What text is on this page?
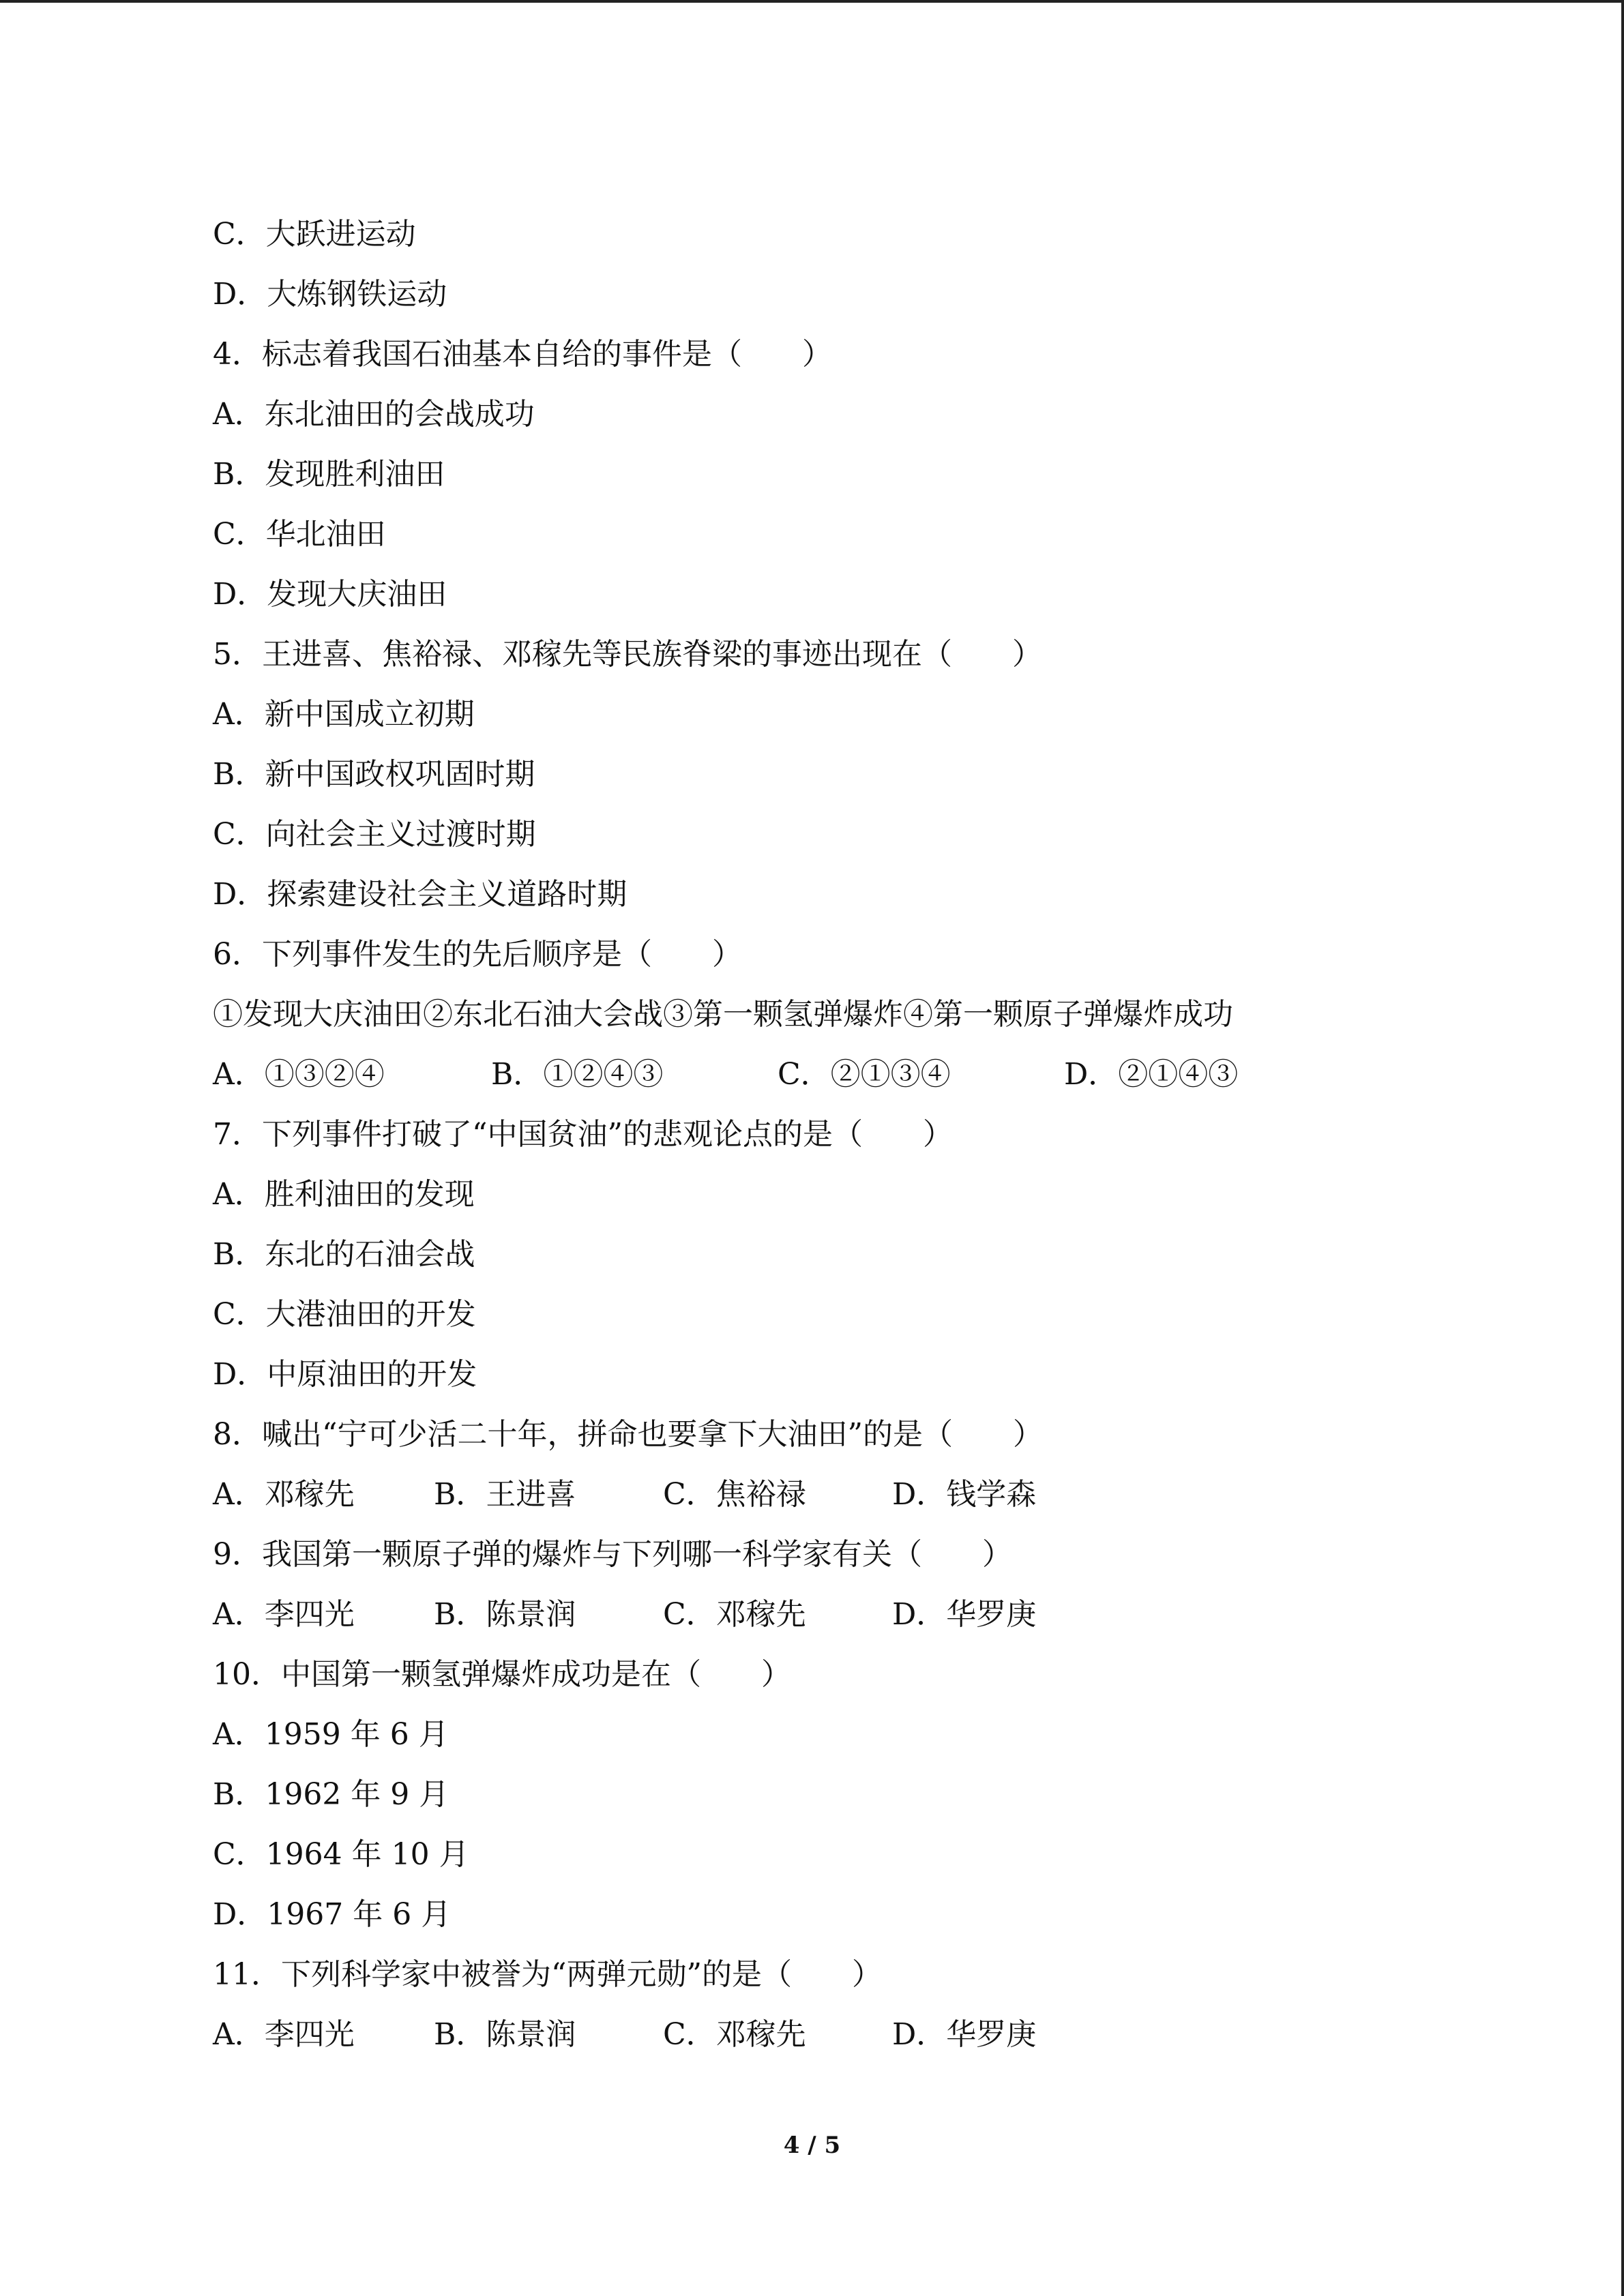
C．大跃进运动
D．大炼钢铁运动
4．标志着我国石油基本自给的事件是（　　）
A．东北油田的会战成功
B．发现胜利油田
C．华北油田
D．发现大庆油田
5．王进喜、焦裕禄、邓稼先等民族脊梁的事迹出现在（　　）
A．新中国成立初期
B．新中国政权巩固时期
C．向社会主义过渡时期
D．探索建设社会主义道路时期
6．下列事件发生的先后顺序是（　　）
①发现大庆油田②东北石油大会战③第一颗氢弹爆炸④第一颗原子弹爆炸成功
A．①③②④	B．①②④③	C．②①③④	D．②①④③
7．下列事件打破了“中国贫油”的悲观论点的是（　　）
A．胜利油田的发现
B．东北的石油会战
C．大港油田的开发
D．中原油田的开发
8．喊出“宁可少活二十年，拼命也要拿下大油田”的是（　　）
A．邓稼先	B．王进喜	C．焦裕禄	D．钱学森
9．我国第一颗原子弹的爆炸与下列哪一科学家有关（　　）
A．李四光	B．陈景润	C．邓稼先	D．华罗庚
10．中国第一颗氢弹爆炸成功是在（　　）
A．1959 年 6 月
B．1962 年 9 月
C．1964 年 10 月
D．1967 年 6 月
11．下列科学家中被誉为“两弹元勋”的是（　　）
A．李四光	B．陈景润	C．邓稼先	D．华罗庚
4 / 5
